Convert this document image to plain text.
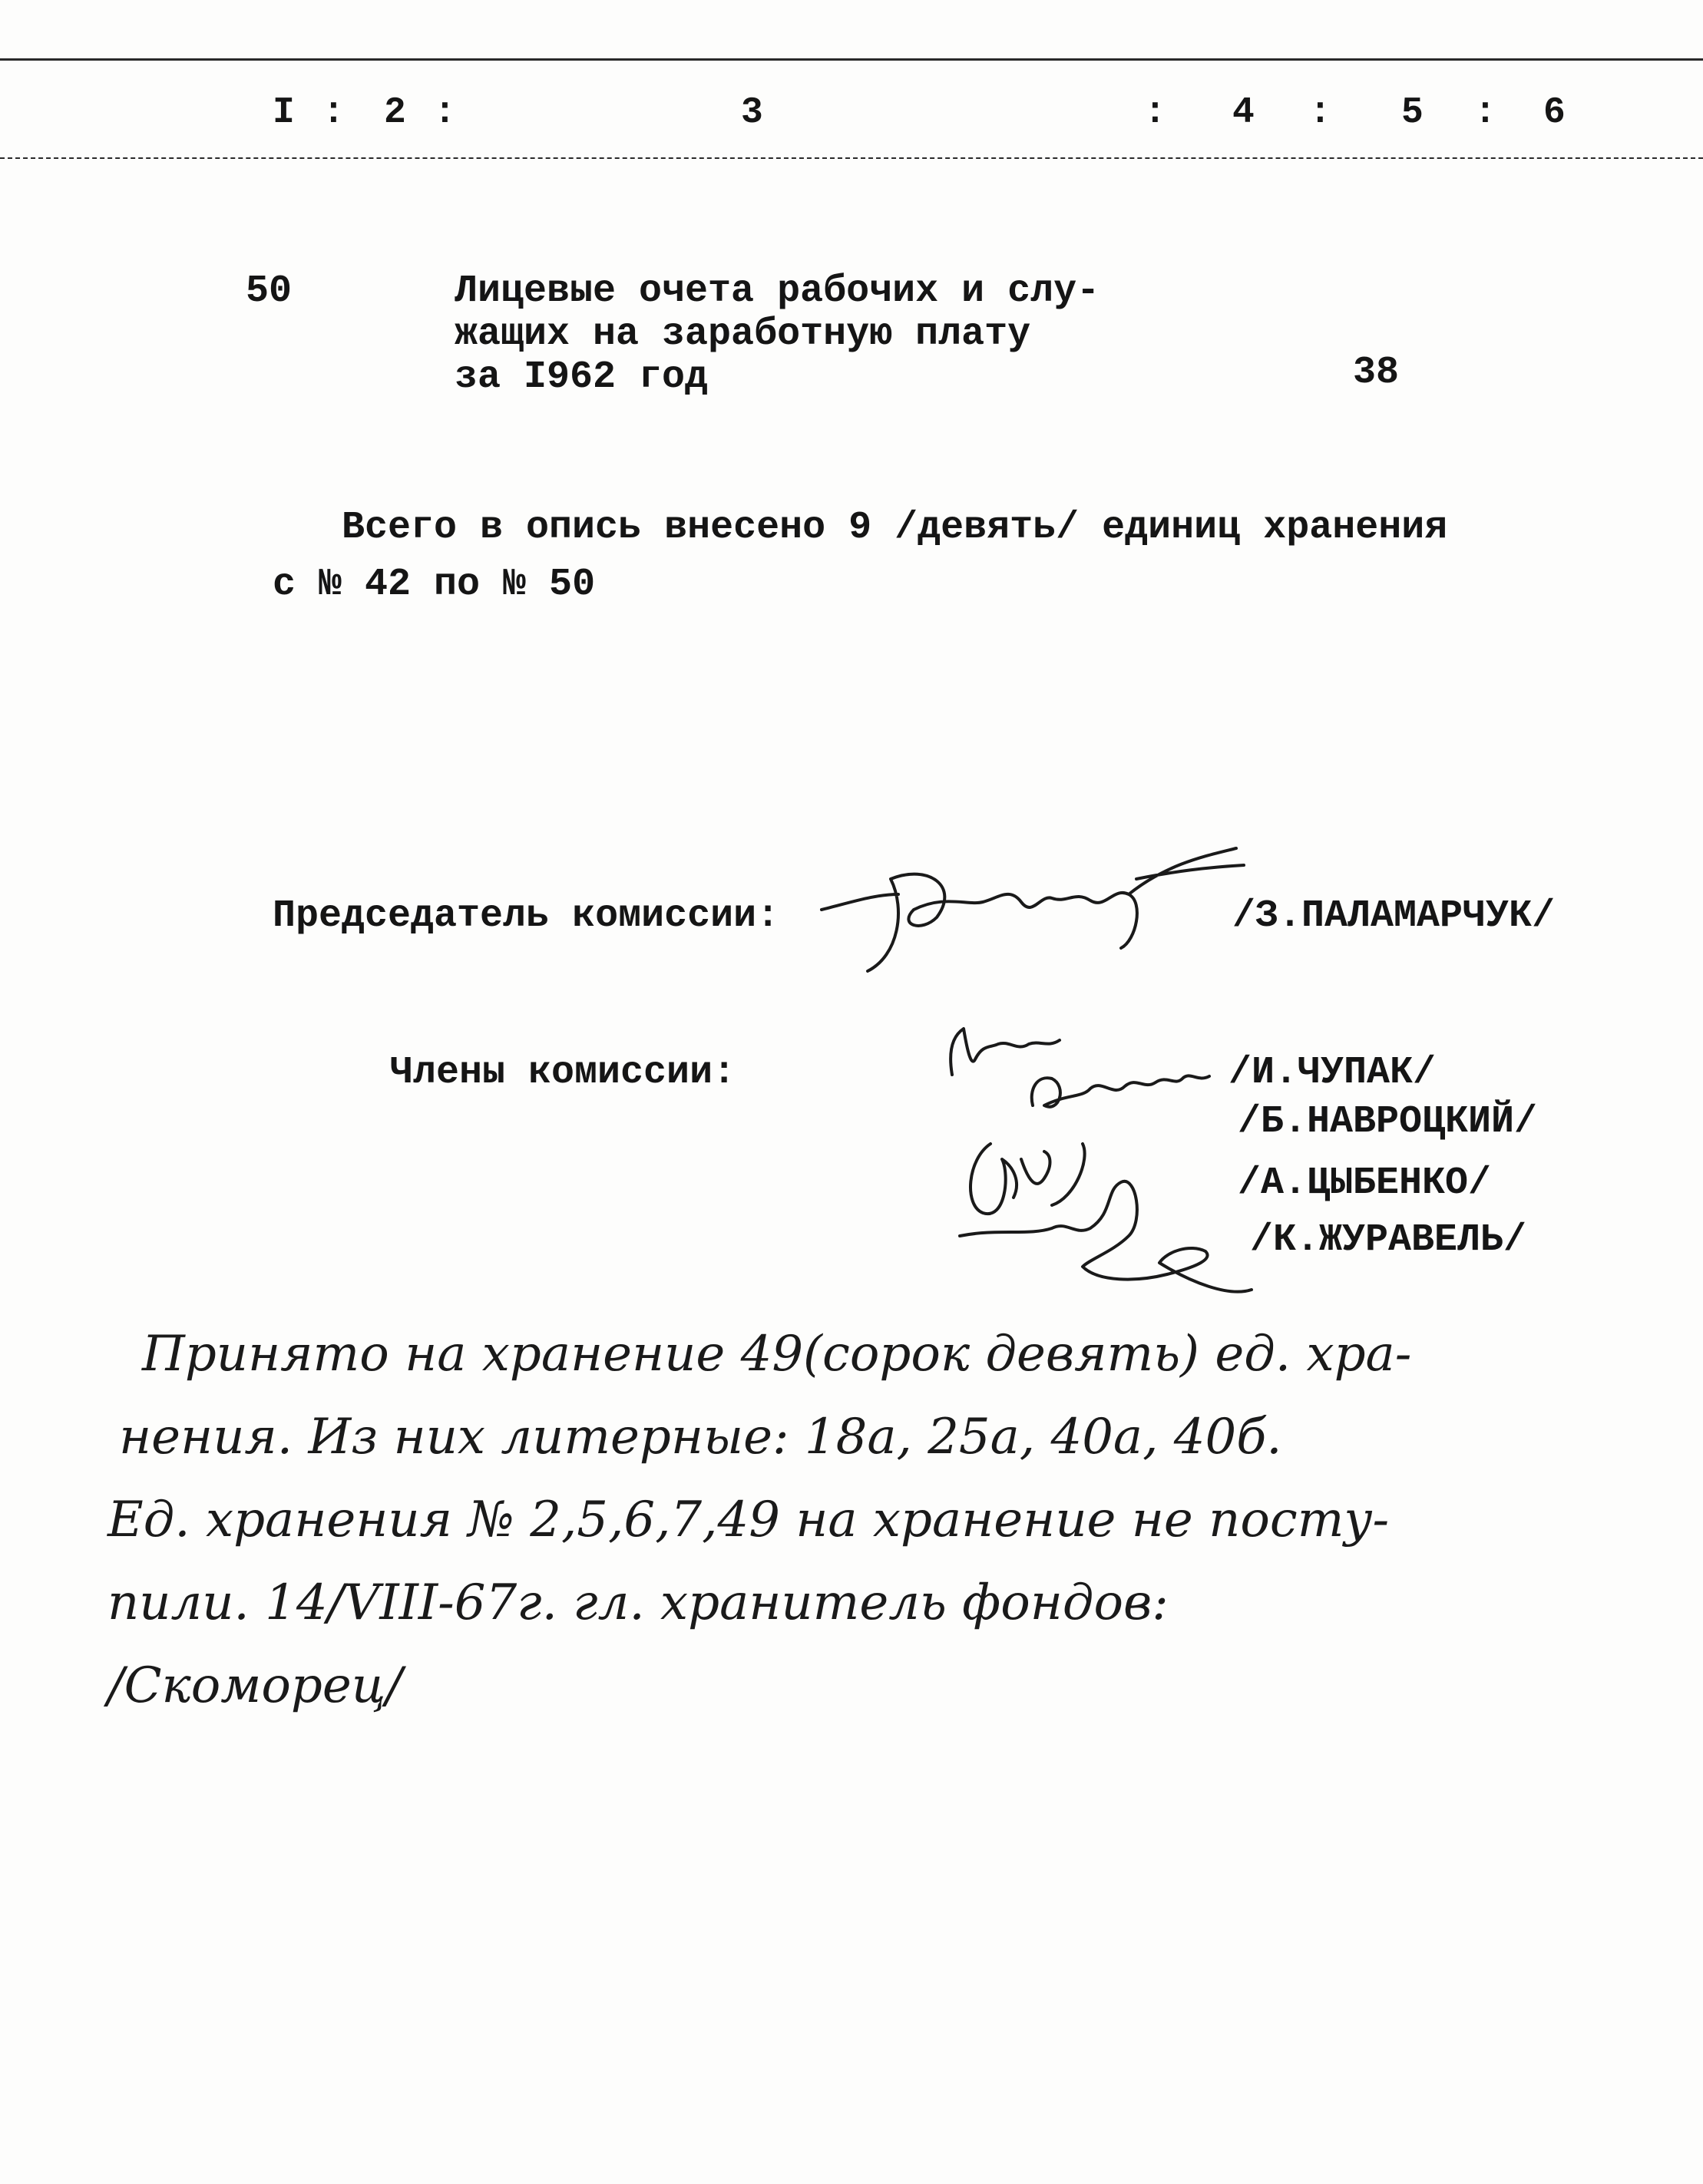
I : 2 :	3	: 4 : 5 : 6
50	Лицевые очета рабочих и слу-
жащих на заработную плату
за I962 год	38
Всего в опись внесено 9 /девять/ единиц хранения
с № 42 по № 50
Председатель комиссии:	/З.ПАЛАМАРЧУК/
Члены комиссии:	/И.ЧУПАК/
/Б.НАВРОЦКИЙ/
/А.ЦЫБЕНКО/
/К.ЖУРАВЕЛЬ/
Принято на хранение 49(сорок девять) ед. хра-
нения. Из них литерные: 18а, 25а, 40а, 40б.
Ед. хранения № 2,5,6,7,49 на хранение не посту-
пили. 14/VIII-67г. гл. хранитель фондов:
/Скоморец/
